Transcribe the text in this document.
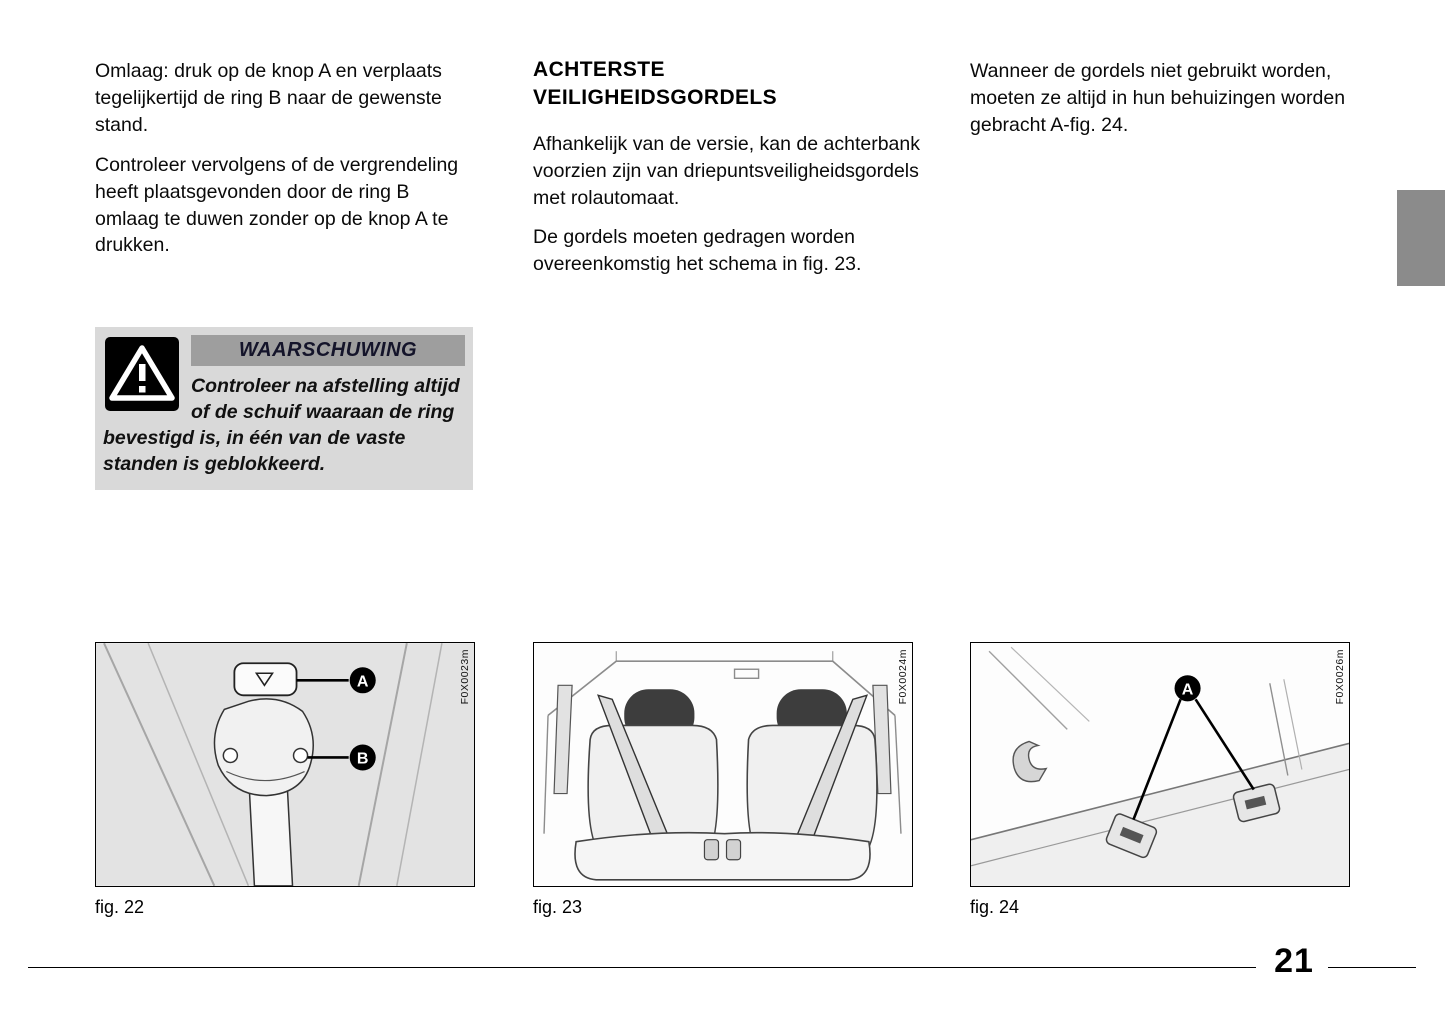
Omlaag: druk op de knop A en verplaats tegelijkertijd de ring B naar de gewenste stand.

Controleer vervolgens of de vergrendeling heeft plaatsgevonden door de ring B omlaag te duwen zonder op de knop A te drukken.

WAARSCHUWING
Controleer na afstelling altijd of de schuif waaraan de ring bevestigd is, in één van de vaste standen is geblokkeerd.
ACHTERSTE VEILIGHEIDSGORDELS

Afhankelijk van de versie, kan de achterbank voorzien zijn van driepuntsveiligheidsgordels met rolautomaat.

De gordels moeten gedragen worden overeenkomstig het schema in fig. 23.

Wanneer de gordels niet gebruikt worden, moeten ze altijd in hun behuizingen worden gebracht A-fig. 24.

A
B
F0X0023m
fig. 22
F0X0024m
fig. 23
A	F0X0026m
fig. 24
21
